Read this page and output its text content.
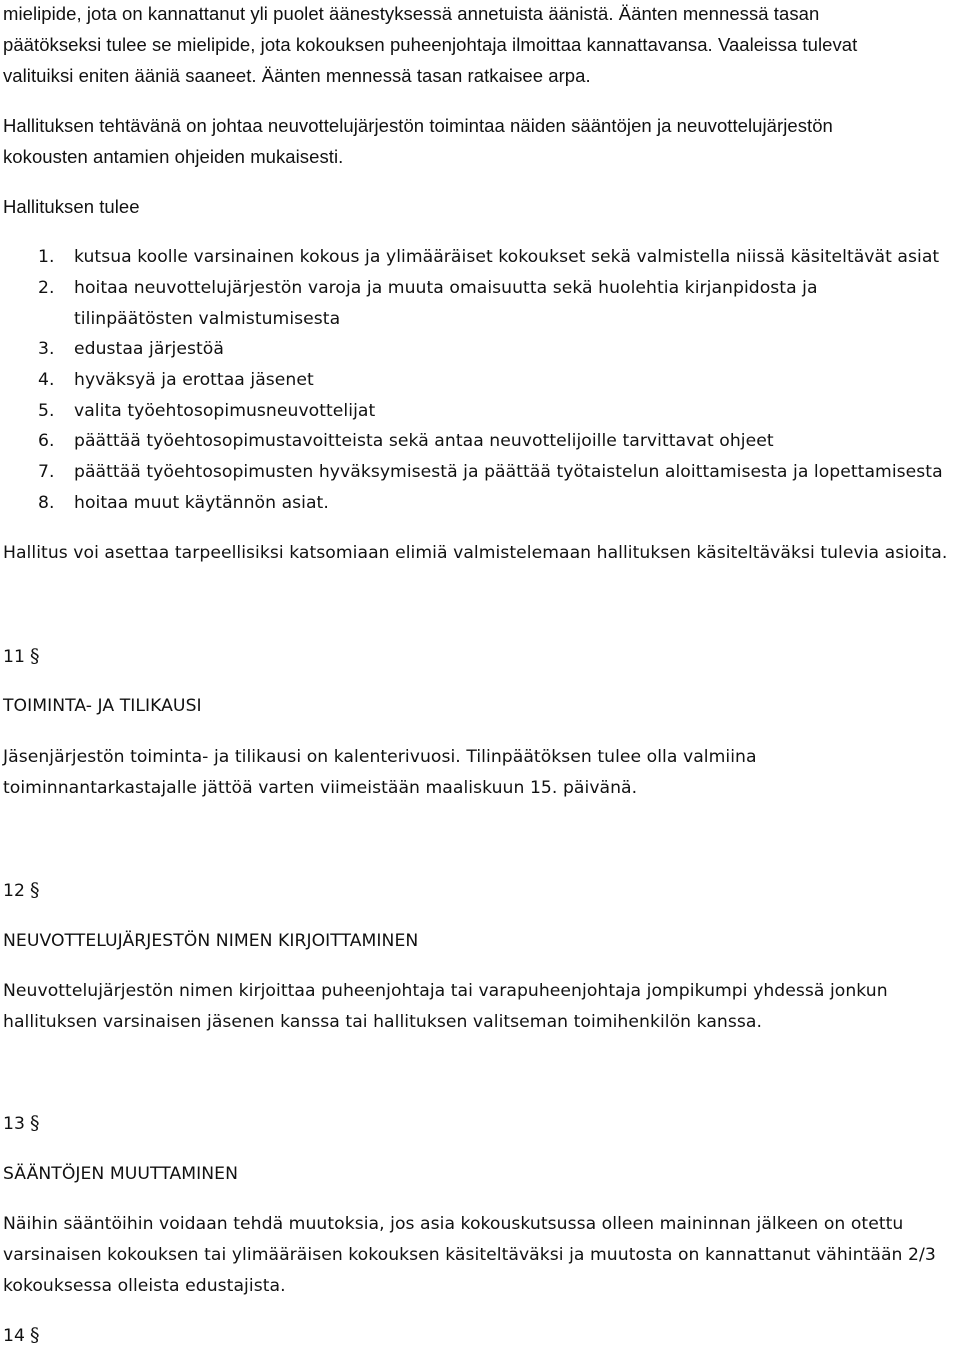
mielipide, jota on kannattanut yli puolet äänestyksessä annetuista äänistä. Äänten mennessä tasan
päätökseksi tulee se mielipide, jota kokouksen puheenjohtaja ilmoittaa kannattavansa. Vaaleissa tulevat
valituiksi eniten ääniä saaneet. Äänten mennessä tasan ratkaisee arpa.
Hallituksen tehtävänä on johtaa neuvottelujärjestön toimintaa näiden sääntöjen ja neuvottelujärjestön
kokousten antamien ohjeiden mukaisesti.
Hallituksen tulee
1. kutsua koolle varsinainen kokous ja ylimääräiset kokoukset sekä valmistella niissä käsiteltävät asiat
2. hoitaa neuvottelujärjestön varoja ja muuta omaisuutta sekä huolehtia kirjanpidosta ja
tilinpäätösten valmistumisesta
3. edustaa järjestöä
4. hyväksyä ja erottaa jäsenet
5. valita työehtosopimusneuvottelijat
6. päättää työehtosopimustavoitteista sekä antaa neuvottelijoille tarvittavat ohjeet
7. päättää työehtosopimusten hyväksymisestä ja päättää työtaistelun aloittamisesta ja lopettamisesta
8. hoitaa muut käytännön asiat.
Hallitus voi asettaa tarpeellisiksi katsomiaan elimiä valmistelemaan hallituksen käsiteltäväksi tulevia asioita.
11 §
TOIMINTA- JA TILIKAUSI
Jäsenjärjestön toiminta- ja tilikausi on kalenterivuosi. Tilinpäätöksen tulee olla valmiina
toiminnantarkastajalle jättöä varten viimeistään maaliskuun 15. päivänä.
12 §
NEUVOTTELUJÄRJESTÖN NIMEN KIRJOITTAMINEN
Neuvottelujärjestön nimen kirjoittaa puheenjohtaja tai varapuheenjohtaja jompikumpi yhdessä jonkun
hallituksen varsinaisen jäsenen kanssa tai hallituksen valitseman toimihenkilön kanssa.
13 §
SÄÄNTÖJEN MUUTTAMINEN
Näihin sääntöihin voidaan tehdä muutoksia, jos asia kokouskutsussa olleen maininnan jälkeen on otettu
varsinaisen kokouksen tai ylimääräisen kokouksen käsiteltäväksi ja muutosta on kannattanut vähintään 2/3
kokouksessa olleista edustajista.
14 §
